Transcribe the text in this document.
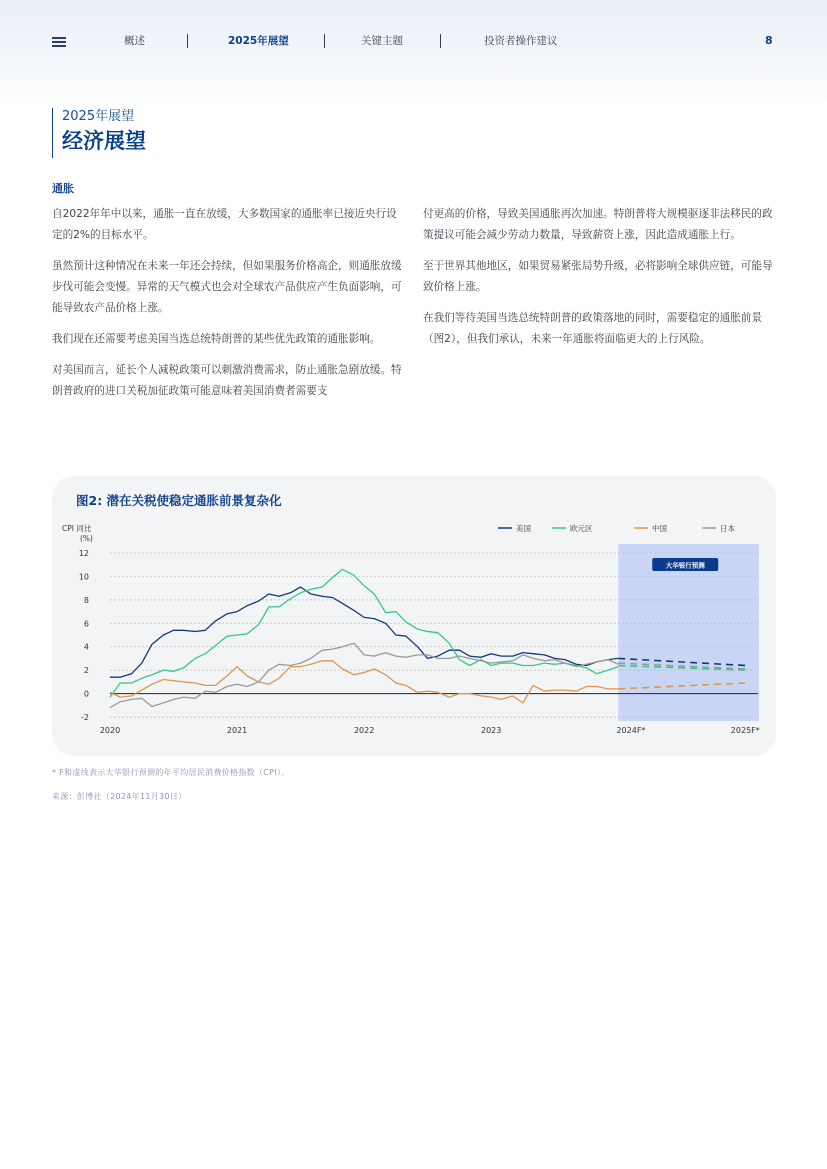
概述	2025年展望	关键主题	投资者操作建议	8
2025年展望
经济展望
通胀

自2022年年中以来，通胀一直在放缓，大多数国家的通胀率已接近央行设定的2%的目标水平。

虽然预计这种情况在未来一年还会持续，但如果服务价格高企，则通胀放缓步伐可能会变慢。异常的天气模式也会对全球农产品供应产生负面影响，可能导致农产品价格上涨。

我们现在还需要考虑美国当选总统特朗普的某些优先政策的通胀影响。

对美国而言，延长个人减税政策可以刺激消费需求，防止通胀急剧放缓。特朗普政府的进口关税加征政策可能意味着美国消费者需要支

付更高的价格，导致美国通胀再次加速。特朗普将大规模驱逐非法移民的政策提议可能会减少劳动力数量，导致薪资上涨，因此造成通胀上行。

至于世界其他地区，如果贸易紧张局势升级，必将影响全球供应链，可能导致价格上涨。

在我们等待美国当选总统特朗普的政策落地的同时，需要稳定的通胀前景（图2），但我们承认，未来一年通胀将面临更大的上行风险。

图2: 潜在关税使稳定通胀前景复杂化
大华银行预测
12
10
8
6
4
2
0
-2
CPI 同比
(%)
2020	2021	2022	2023	2024F*	2025F*
美国	欧元区	中国	日本
* F和虚线表示大华银行预测的年平均居民消费价格指数（CPI）。
来源：彭博社（2024年11月30日）
